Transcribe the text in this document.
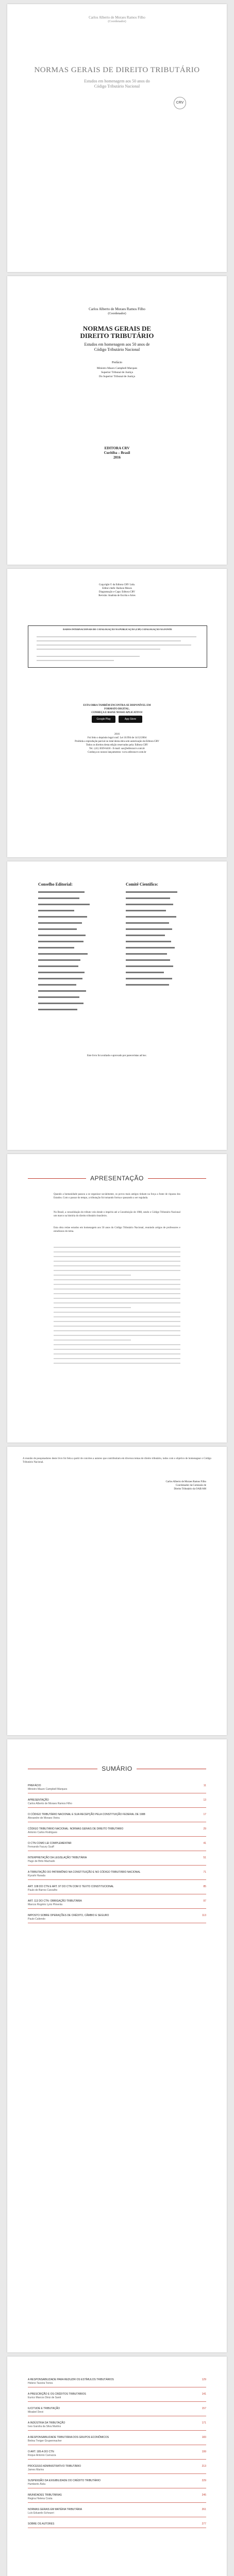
Carlos Alberto de Moraes Ramos Filho
(Coordenador)
NORMAS GERAIS DE DIREITO TRIBUTÁRIO
Estudos em homenagem aos 50 anos do
Código Tributário Nacional
CRV
Carlos Alberto de Moraes Ramos Filho
(Coordenador)
NORMAS GERAIS DE
DIREITO TRIBUTÁRIO
Estudos em homenagem aos 50 anos de
Código Tributário Nacional
Prefácio
Ministro Mauro Campbell Marques
Superior Tribunal de Justiça
Do Superior Tribunal de Justiça
EDITORA CRV
Curitiba – Brasil
2016
Copyright © da Editora CRV Ltda.
Editor-chefe: Railson Moura
Diagramação e Capa: Editora CRV
Revisão: Analista de Escrita e Artes
DADOS INTERNACIONAIS DE CATALOGAÇÃO NA PUBLICAÇÃO (CIP) CATALOGAÇÃO NA FONTE
ESTA OBRA TAMBÉM ENCONTRA-SE DISPONÍVEL EM
FORMATO DIGITAL.
CONHEÇA E BAIXE NOSSO APLICATIVO!
Google Play	App Store
2016
Foi feito o depósito legal conf. Lei 10.994 de 14/12/2004
Proibida a reprodução parcial ou total desta obra sem autorização da Editora CRV
Todos os direitos desta edição reservados pela: Editora CRV
Tel.: (41) 3039-6418 - E-mail: sac@editoracrv.com.br
Conheça os nossos lançamentos: www.editoracrv.com.br
Conselho Editorial:	Comitê Científico:
Este livro foi avaliado e aprovado por pareceristas ad hoc.
APRESENTAÇÃO
Quando a humanidade passou a se organizar socialmente, os povos mais antigos tinham na força a fonte de riqueza dos Estados. Com o passar do tempo, a tributação foi tomando forma e passando a ser regulada.
No Brasil, a consolidação do tributo veio desde o império até a Constituição de 1988, sendo o Código Tributário Nacional um marco na história do direito tributário brasileiro.
Esta obra reúne estudos em homenagem aos 50 anos do Código Tributário Nacional, reunindo artigos de professores e estudiosos do tema.
A reunião de pesquisadores deste livro foi feita a partir de convites a autores que contribuíram em diversos temas de direito tributário, todos com o objetivo de homenagear o Código Tributário Nacional.
Carlos Alberto de Moraes Ramos Filho
Coordenador da Comissão de
Direito Tributário da OAB/AM
SUMÁRIO
PREFÁCIO
Ministro Mauro Campbell Marques
11
APRESENTAÇÃO
Carlos Alberto de Moraes Ramos Filho
13
O CÓDIGO TRIBUTÁRIO NACIONAL E SUA RECEPÇÃO PELA CONSTITUIÇÃO FEDERAL DE 1988
Alexandre de Moraes Vieira
17
CÓDIGO TRIBUTÁRIO NACIONAL: NORMAS GERAIS DE DIREITO TRIBUTÁRIO
Antonio Carlos Rodrigues
29
O CTN COMO LEI COMPLEMENTAR
Fernando Facury Scaff
41
INTERPRETAÇÃO DA LEGISLAÇÃO TRIBUTÁRIA
Hugo de Brito Machado
51
A TRIBUTAÇÃO DO PATRIMÔNIO NA CONSTITUIÇÃO E NO CÓDIGO TRIBUTÁRIO NACIONAL
Kiyoshi Harada
71
ART. 108 DO CTN E ART. 97 DO CTN COM O TEXTO CONSTITUCIONAL
Paulo de Barros Carvalho
85
ART. 113 DO CTN: OBRIGAÇÃO TRIBUTÁRIA
Marcos Rogério Lyrio Pimenta
97
IMPOSTO SOBRE OPERAÇÕES DE CRÉDITO, CÂMBIO E SEGURO
Paulo Caliendo
113
A RESPONSABILIDADE PARA REDUZIR OS ESTÍMULOS TRIBUTÁRIOS
Heleno Taveira Torres
129
A PRESCRIÇÃO E OS CRÉDITOS TRIBUTÁRIOS
Eurico Marcos Diniz de Santi
141
ILICITUDE E TRIBUTAÇÃO
Misabel Derzi
157
A INDÚSTRIA DA TRIBUTAÇÃO
Ives Gandra da Silva Martins
171
A RESPONSABILIDADE TRIBUTÁRIA DOS GRUPOS ECONÔMICOS
Betina Treiger Grupenmacher
183
O ART. 185-A DO CTN
Roque Antonio Carrazza
199
PROCESSO ADMINISTRATIVO TRIBUTÁRIO
James Marins
213
SUSPENSÃO DA EXIGIBILIDADE DO CRÉDITO TRIBUTÁRIO
Humberto Ávila
229
IMUNIDADES TRIBUTÁRIAS
Regina Helena Costa
245
NORMAS GERAIS EM MATÉRIA TRIBUTÁRIA
Luís Eduardo Schoueri
261
SOBRE OS AUTORES	277
